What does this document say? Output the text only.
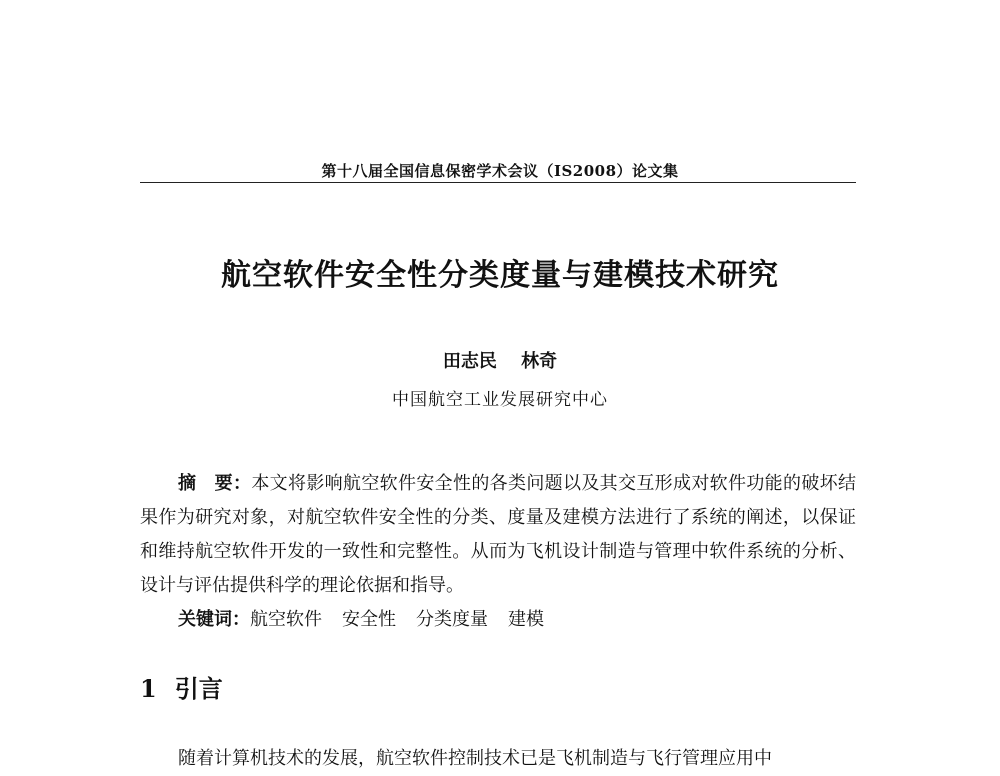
第十八届全国信息保密学术会议（IS2008）论文集
航空软件安全性分类度量与建模技术研究
田志民 林奇
中国航空工业发展研究中心

摘　要：本文将影响航空软件安全性的各类问题以及其交互形成对软件功能的破坏结果作为研究对象，对航空软件安全性的分类、度量及建模方法进行了系统的阐述，以保证和维持航空软件开发的一致性和完整性。从而为飞机设计制造与管理中软件系统的分析、设计与评估提供科学的理论依据和指导。

关键词：航空软件 安全性 分类度量 建模
1 引言

随着计算机技术的发展，航空软件控制技术已是飞机制造与飞行管理应用中
